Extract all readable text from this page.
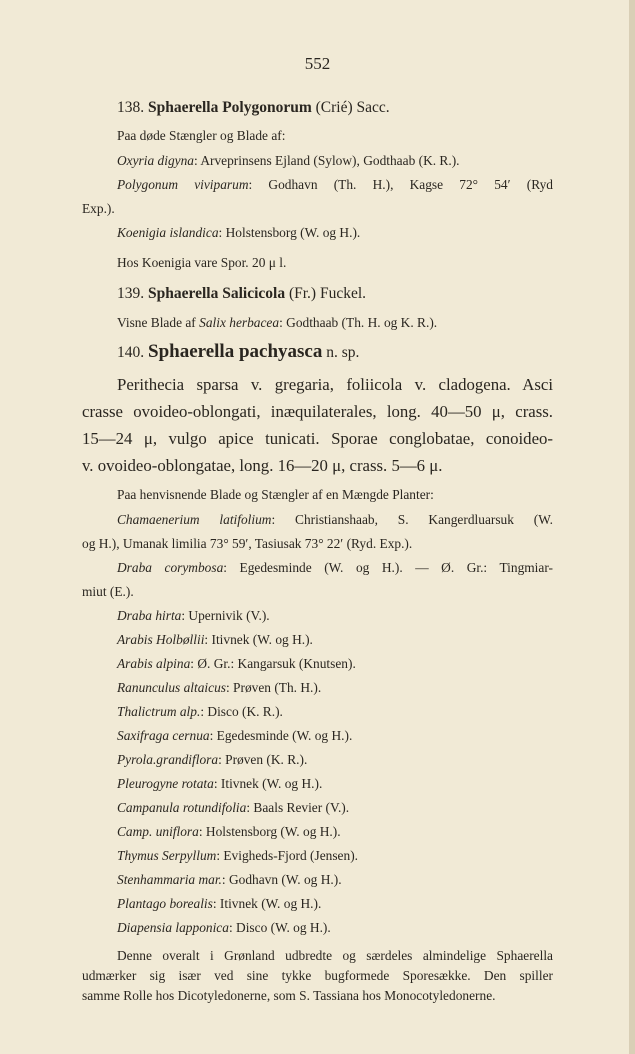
552
138. Sphaerella Polygonorum (Crié) Sacc.
Paa døde Stængler og Blade af:
Oxyria digyna: Arveprinsens Ejland (Sylow), Godthaab (K. R.).
Polygonum viviparum: Godhavn (Th. H.), Kagse 72° 54′ (Ryd
Exp.).
Koenigia islandica: Holstensborg (W. og H.).
Hos Koenigia vare Spor. 20 μ l.
139. Sphaerella Salicicola (Fr.) Fuckel.
Visne Blade af Salix herbacea: Godthaab (Th. H. og K. R.).
140. Sphaerella pachyasca n. sp.
Perithecia sparsa v. gregaria, foliicola v. cladogena. Asci
crasse ovoideo-oblongati, inæquilaterales, long. 40—50 μ, crass.
15—24 μ, vulgo apice tunicati. Sporae conglobatae, conoideo-
v. ovoideo-oblongatae, long. 16—20 μ, crass. 5—6 μ.
Paa henvisnende Blade og Stængler af en Mængde Planter:
Chamaenerium latifolium: Christianshaab, S. Kangerdluarsuk (W.
og H.), Umanak limilia 73° 59′, Tasiusak 73° 22′ (Ryd. Exp.).
Draba corymbosa: Egedesminde (W. og H.). — Ø. Gr.: Tingmiar-
miut (E.).
Draba hirta: Upernivik (V.).
Arabis Holbøllii: Itivnek (W. og H.).
Arabis alpina: Ø. Gr.: Kangarsuk (Knutsen).
Ranunculus altaicus: Prøven (Th. H.).
Thalictrum alp.: Disco (K. R.).
Saxifraga cernua: Egedesminde (W. og H.).
Pyrola.grandiflora: Prøven (K. R.).
Pleurogyne rotata: Itivnek (W. og H.).
Campanula rotundifolia: Baals Revier (V.).
Camp. uniflora: Holstensborg (W. og H.).
Thymus Serpyllum: Evigheds-Fjord (Jensen).
Stenhammaria mar.: Godhavn (W. og H.).
Plantago borealis: Itivnek (W. og H.).
Diapensia lapponica: Disco (W. og H.).
Denne overalt i Grønland udbredte og særdeles almindelige Sphaerella
udmærker sig især ved sine tykke bugformede Sporesække. Den spiller
samme Rolle hos Dicotyledonerne, som S. Tassiana hos Monocotyledonerne.
